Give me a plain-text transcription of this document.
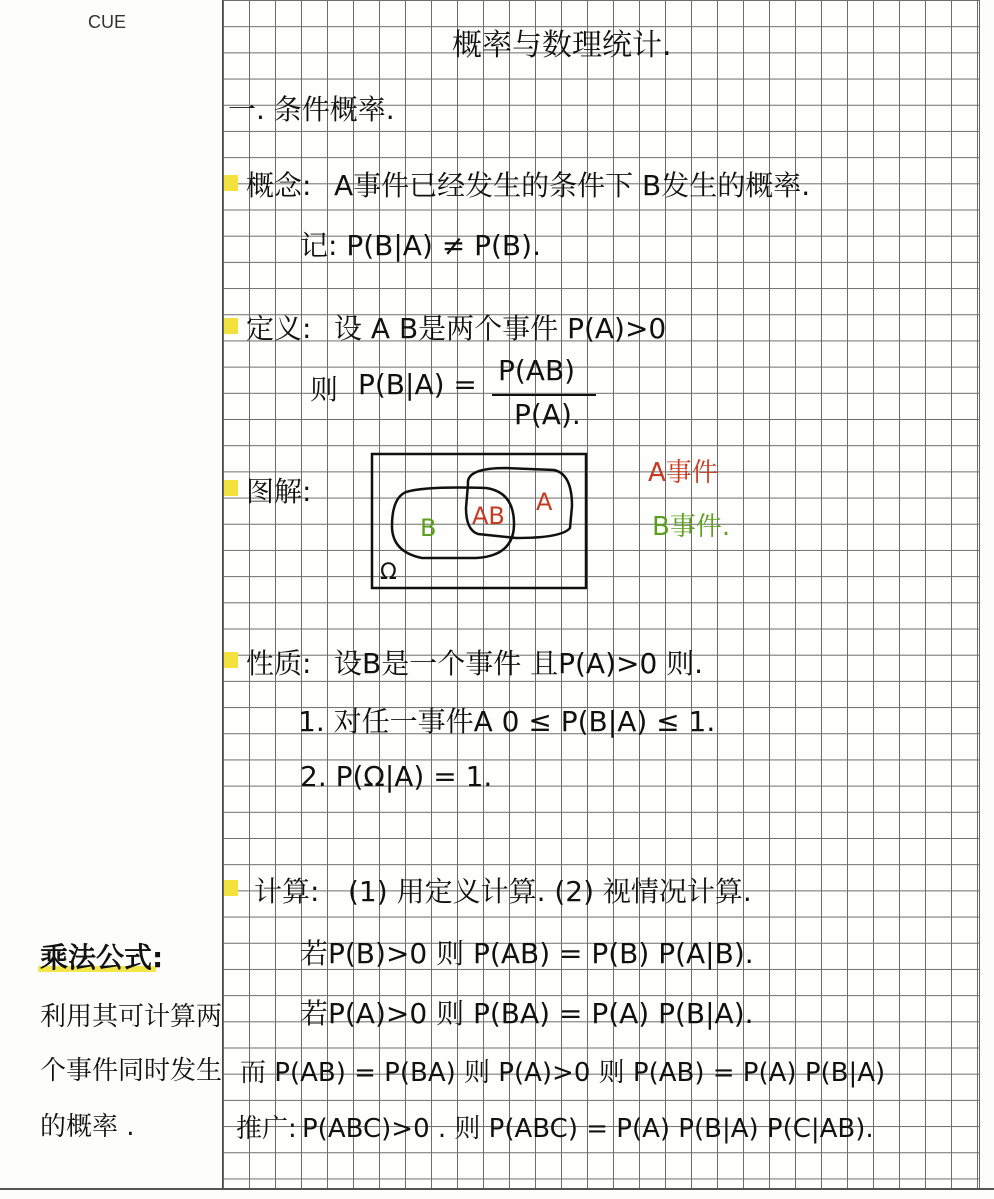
CUE
概率与数理统计.
一. 条件概率.
概念: A事件已经发生的条件下 B发生的概率.
记: P(B|A) ≠ P(B).
定义: 设 A B是两个事件 P(A)>0
则 P(B|A) = P(AB)
P(A).
图解:
B AB A
Ω
A事件
B事件.
性质: 设B是一个事件 且P(A)>0 则.
1. 对任一事件A 0 ≤ P(B|A) ≤ 1.
2. P(Ω|A) = 1.
计算: (1) 用定义计算. (2) 视情况计算.
若P(B)>0 则 P(AB) = P(B) P(A|B).
若P(A)>0 则 P(BA) = P(A) P(B|A).
而 P(AB) = P(BA) 则 P(A)>0 则 P(AB) = P(A) P(B|A)
推广: P(ABC)>0 . 则 P(ABC) = P(A) P(B|A) P(C|AB).
乘法公式:
利用其可计算两
个事件同时发生
的概率 .
